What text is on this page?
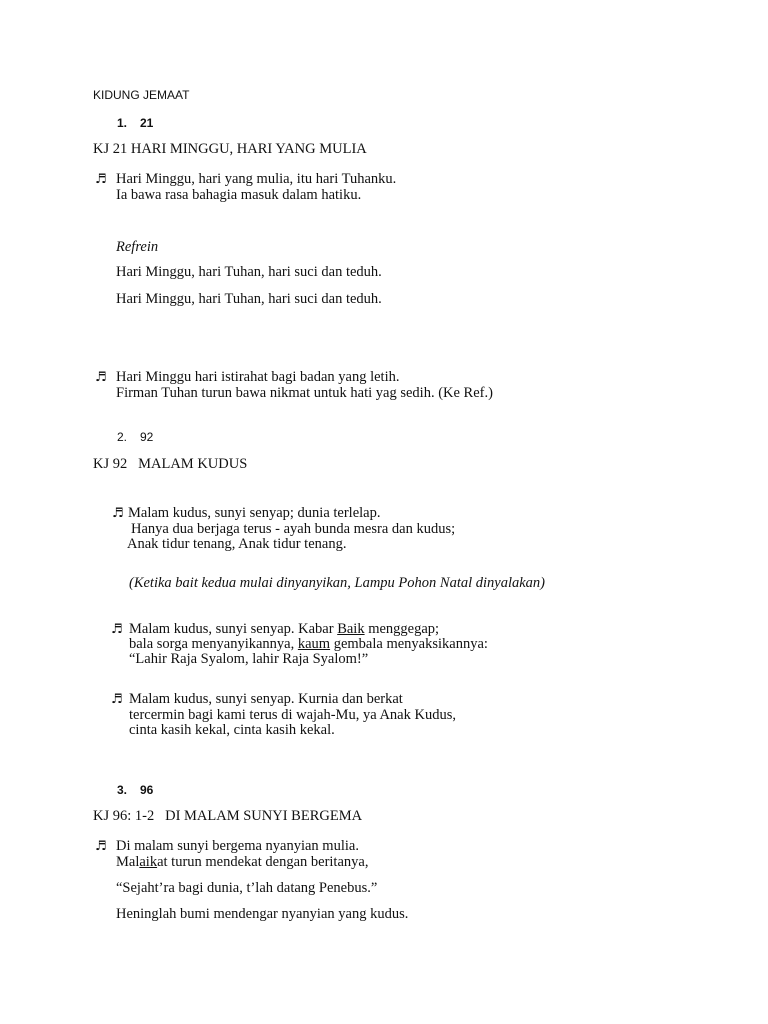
KIDUNG JEMAAT
1. 21
KJ 21 HARI MINGGU, HARI YANG MULIA
♬ Hari Minggu, hari yang mulia, itu hari Tuhanku.
Ia bawa rasa bahagia masuk dalam hatiku.
Refrein
Hari Minggu, hari Tuhan, hari suci dan teduh.
Hari Minggu, hari Tuhan, hari suci dan teduh.
♬ Hari Minggu hari istirahat bagi badan yang letih.
Firman Tuhan turun bawa nikmat untuk hati yag sedih. (Ke Ref.)
2. 92
KJ 92   MALAM KUDUS
♬ Malam kudus, sunyi senyap; dunia terlelap.
Hanya dua berjaga terus - ayah bunda mesra dan kudus;
Anak tidur tenang, Anak tidur tenang.
(Ketika bait kedua mulai dinyanyikan, Lampu Pohon Natal dinyalakan)
♬ Malam kudus, sunyi senyap. Kabar Baik menggegap;
bala sorga menyanyikannya, kaum gembala menyaksikannya:
“Lahir Raja Syalom, lahir Raja Syalom!”
♬ Malam kudus, sunyi senyap. Kurnia dan berkat
tercermin bagi kami terus di wajah-Mu, ya Anak Kudus,
cinta kasih kekal, cinta kasih kekal.
3. 96
KJ 96: 1-2   DI MALAM SUNYI BERGEMA
♬ Di malam sunyi bergema nyanyian mulia.
Malaikat turun mendekat dengan beritanya,
“Sejaht’ra bagi dunia, t’lah datang Penebus.”
Heninglah bumi mendengar nyanyian yang kudus.
